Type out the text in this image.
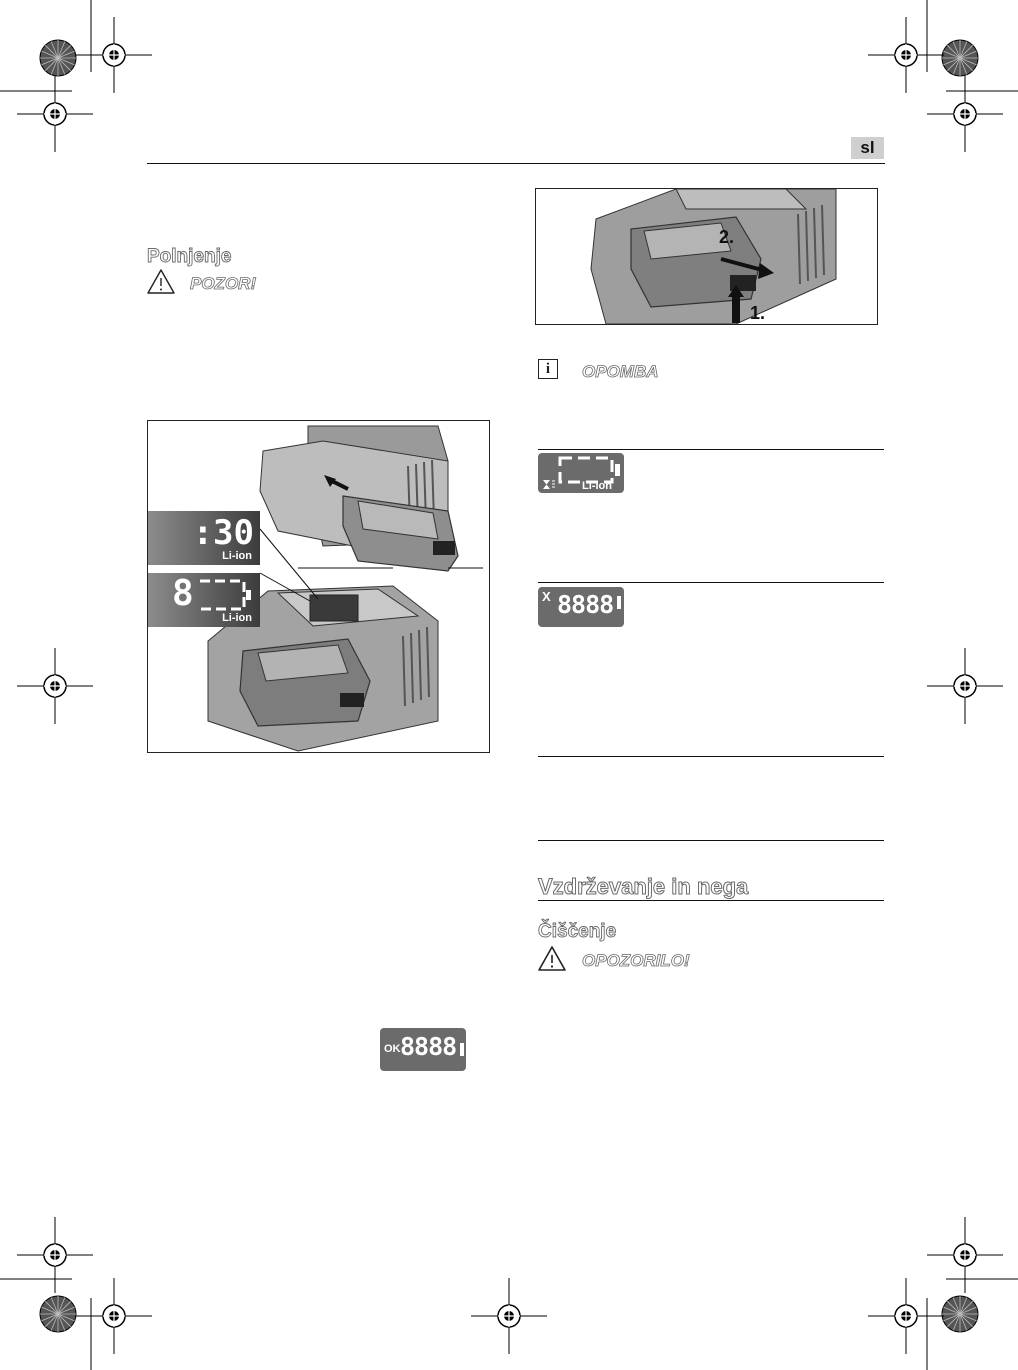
sl
Polnjenje
POZOR!
:30
Li-ion
8
Li-ion
OK 8888
2.
1.
i	OPOMBA
Li-ion
X 8888
Vzdrževanje in nega
Čiščenje
OPOZORILO!
